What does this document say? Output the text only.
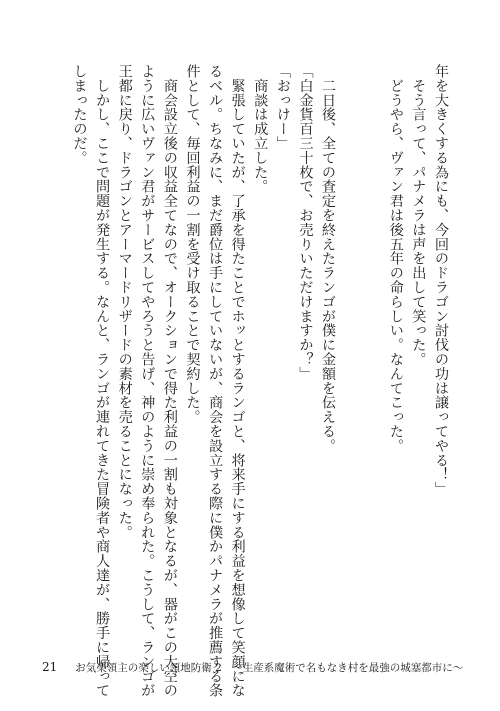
年を大きくする為にも、今回のドラゴン討伐の功は譲ってやる！」
　そう言って、パナメラは声を出して笑った。
　どうやら、ヴァン君は後五年の命らしい。なんてこった。
　二日後、全ての査定を終えたランゴが僕に金額を伝える。
「白金貨百三十枚で、お売りいただけますか？」
「おっけー」
　商談は成立した。
　緊張していたが、了承を得たことでホッとするランゴと、将来手にする利益を想像して笑顔にな
るベル。ちなみに、まだ爵位は手にしていないが、商会を設立する際に僕かパナメラが推薦する条
件として、毎回利益の一割を受け取ることで契約した。
　商会設立後の収益全てなので、オークションで得た利益の一割も対象となるが、器がこの大空の
ように広いヴァン君がサービスしてやろうと告げ、神のように崇め奉られた。こうして、ランゴが
王都に戻り、ドラゴンとアーマードリザードの素材を売ることになった。
　しかし、ここで問題が発生する。なんと、ランゴが連れてきた冒険者や商人達が、勝手に帰って
しまったのだ。
21 お気楽領主の楽しい領地防衛 2　～生産系魔術で名もなき村を最強の城塞都市に～
